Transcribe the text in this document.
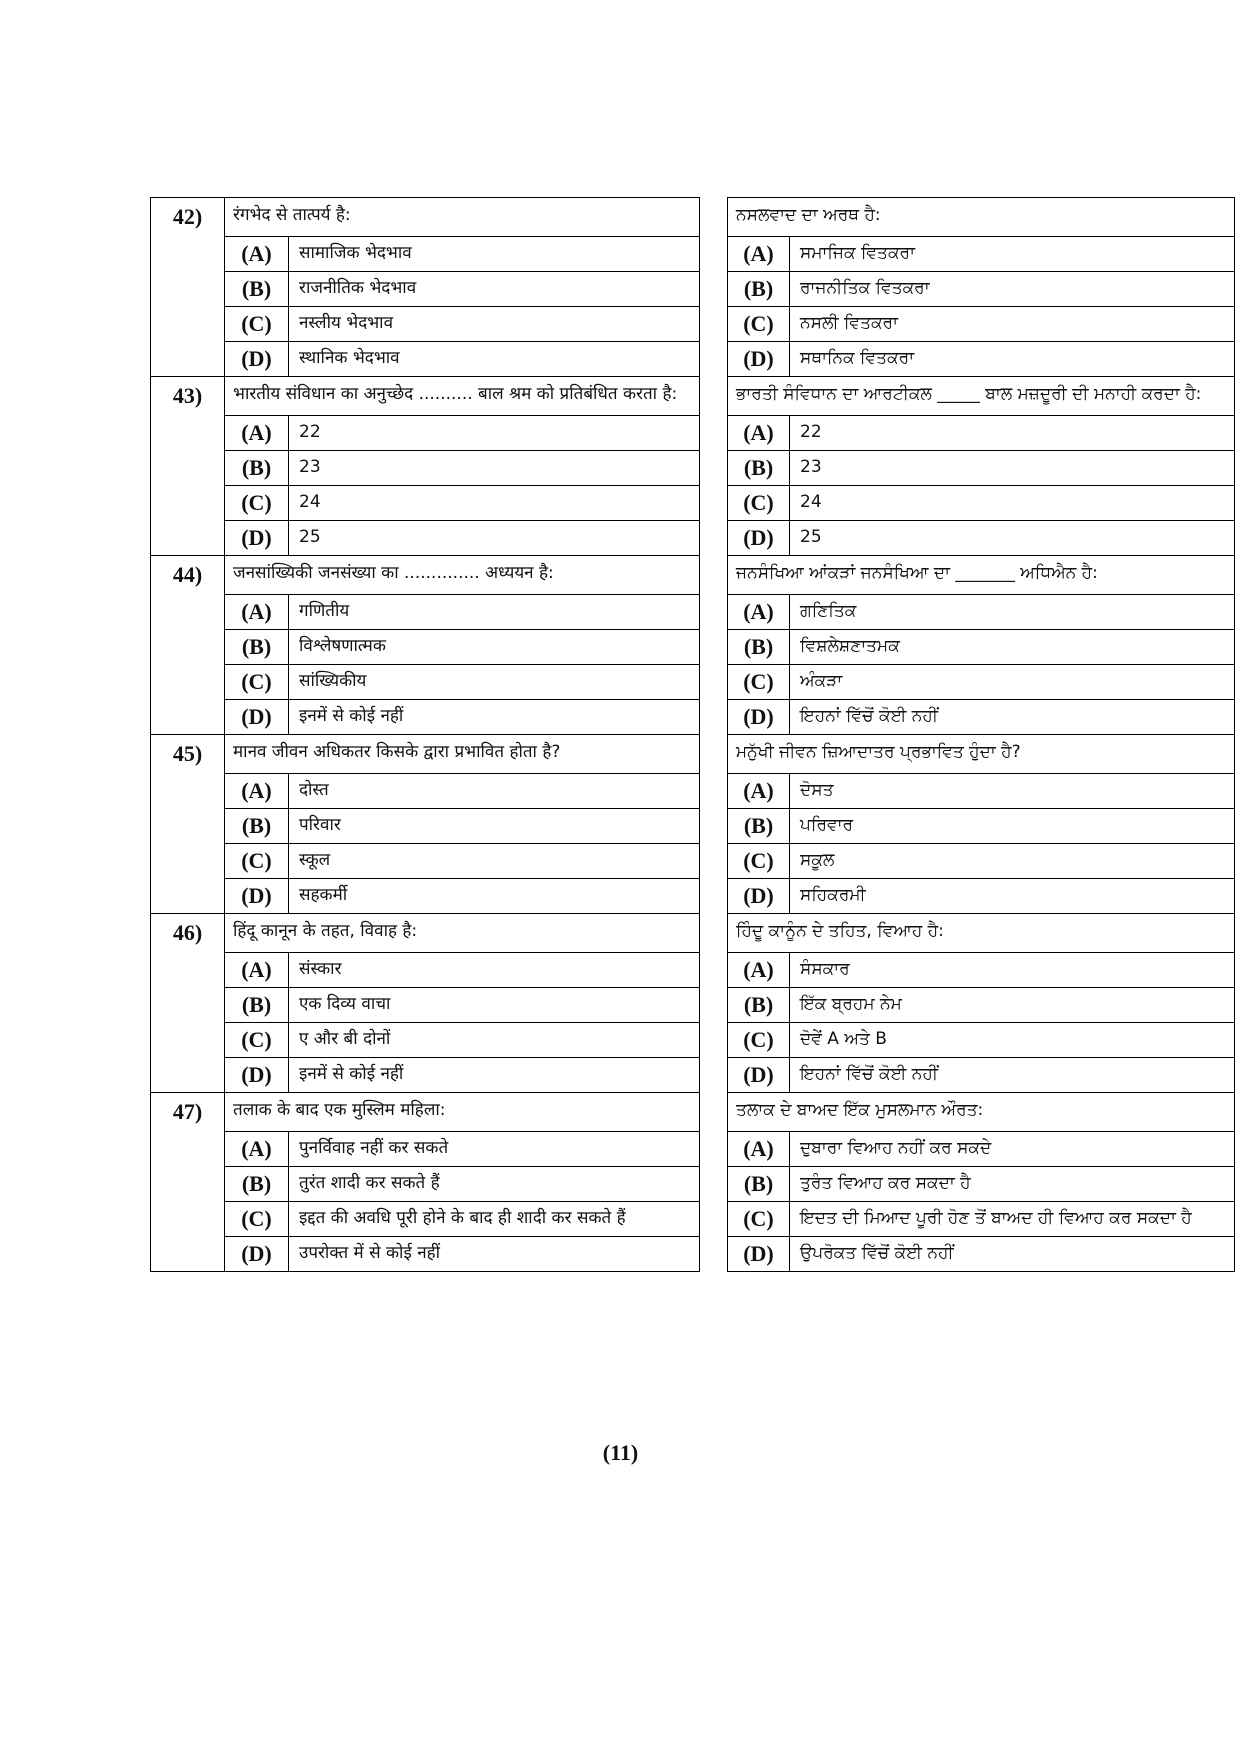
42)	रंगभेद से तात्पर्य है:			ਨਸਲਵਾਦ ਦਾ ਅਰਥ ਹੈ:	
	(A)	सामाजिक भेदभाव		(A)	ਸਮਾਜਿਕ ਵਿਤਕਰਾ
	(B)	राजनीतिक भेदभाव		(B)	ਰਾਜਨੀਤਿਕ ਵਿਤਕਰਾ
	(C)	नस्लीय भेदभाव		(C)	ਨਸਲੀ ਵਿਤਕਰਾ
	(D)	स्थानिक भेदभाव		(D)	ਸਥਾਨਿਕ ਵਿਤਕਰਾ
43)	भारतीय संविधान का अनुच्छेद .......... बाल श्रम को प्रतिबंधित करता है:			ਭਾਰਤੀ ਸੰਵਿਧਾਨ ਦਾ ਆਰਟੀਕਲ _____ ਬਾਲ ਮਜ਼ਦੂਰੀ ਦੀ ਮਨਾਹੀ ਕਰਦਾ ਹੈ:	
	(A)	22		(A)	22
	(B)	23		(B)	23
	(C)	24		(C)	24
	(D)	25		(D)	25
44)	जनसांख्यिकी जनसंख्या का .............. अध्ययन है:			ਜਨਸੰਖਿਆ ਆਂਕੜਾਂ ਜਨਸੰਖਿਆ ਦਾ _______ ਅਧਿਐਨ ਹੈ:	
	(A)	गणितीय		(A)	ਗਣਿਤਿਕ
	(B)	विश्लेषणात्मक		(B)	ਵਿਸ਼ਲੇਸ਼ਣਾਤਮਕ
	(C)	सांख्यिकीय		(C)	ਅੰਕੜਾ
	(D)	इनमें से कोई नहीं		(D)	ਇਹਨਾਂ ਵਿੱਚੋਂ ਕੋਈ ਨਹੀਂ
45)	मानव जीवन अधिकतर किसके द्वारा प्रभावित होता है?			ਮਨੁੱਖੀ ਜੀਵਨ ਜ਼ਿਆਦਾਤਰ ਪ੍ਰਭਾਵਿਤ ਹੁੰਦਾ ਹੈ?	
	(A)	दोस्त		(A)	ਦੋਸਤ
	(B)	परिवार		(B)	ਪਰਿਵਾਰ
	(C)	स्कूल		(C)	ਸਕੂਲ
	(D)	सहकर्मी		(D)	ਸਹਿਕਰਮੀ
46)	हिंदू कानून के तहत, विवाह है:			ਹਿੰਦੂ ਕਾਨੂੰਨ ਦੇ ਤਹਿਤ, ਵਿਆਹ ਹੈ:	
	(A)	संस्कार		(A)	ਸੰਸਕਾਰ
	(B)	एक दिव्य वाचा		(B)	ਇੱਕ ਬ੍ਰਹਮ ਨੇਮ
	(C)	ए और बी दोनों		(C)	ਦੋਵੇਂ A ਅਤੇ B
	(D)	इनमें से कोई नहीं		(D)	ਇਹਨਾਂ ਵਿੱਚੋਂ ਕੋਈ ਨਹੀਂ
47)	तलाक के बाद एक मुस्लिम महिला:			ਤਲਾਕ ਦੇ ਬਾਅਦ ਇੱਕ ਮੁਸਲਮਾਨ ਔਰਤ:	
	(A)	पुनर्विवाह नहीं कर सकते		(A)	ਦੁਬਾਰਾ ਵਿਆਹ ਨਹੀਂ ਕਰ ਸਕਦੇ
	(B)	तुरंत शादी कर सकते हैं		(B)	ਤੁਰੰਤ ਵਿਆਹ ਕਰ ਸਕਦਾ ਹੈ
	(C)	इद्दत की अवधि पूरी होने के बाद ही शादी कर सकते हैं		(C)	ਇਦਤ ਦੀ ਮਿਆਦ ਪੂਰੀ ਹੋਣ ਤੋਂ ਬਾਅਦ ਹੀ ਵਿਆਹ ਕਰ ਸਕਦਾ ਹੈ
	(D)	उपरोक्त में से कोई नहीं		(D)	ਉਪਰੋਕਤ ਵਿੱਚੋਂ ਕੋਈ ਨਹੀਂ
(11)
